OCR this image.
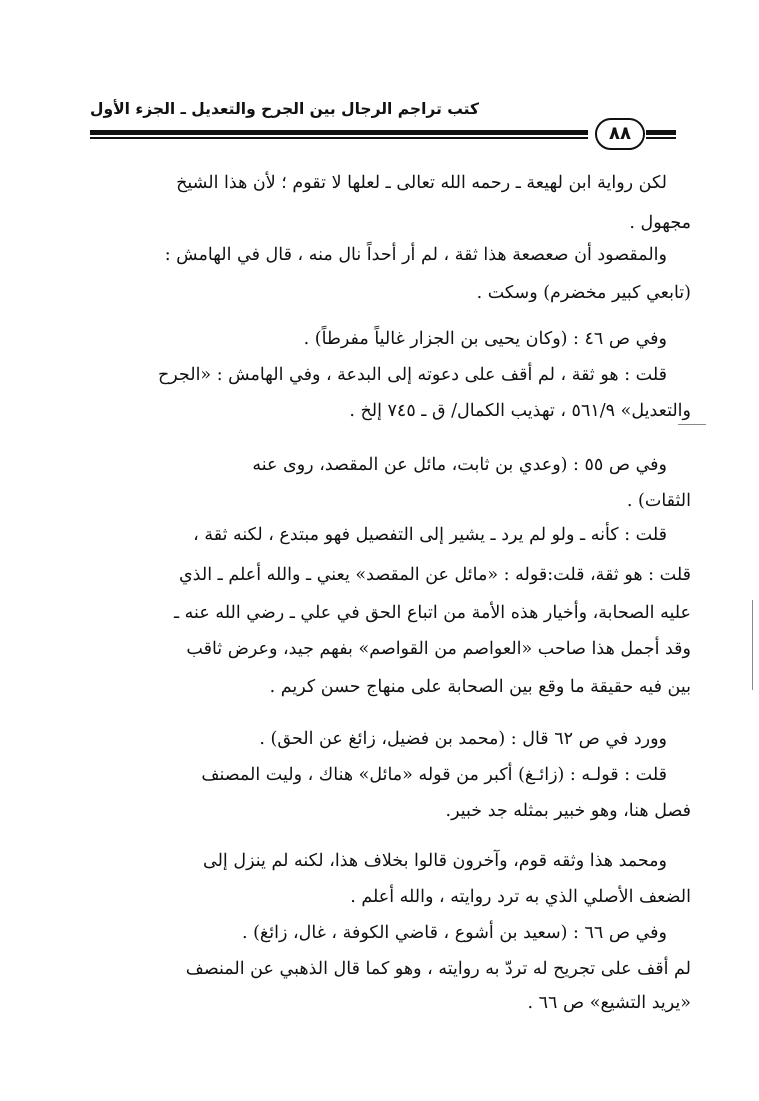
كتب تراجم الرجال بين الجرح والتعديل ـ الجزء الأول
٨٨
لكن رواية ابن لهيعة ـ رحمه الله تعالى ـ لعلها لا تقوم ؛ لأن هذا الشيخ
مجهول .
والمقصود أن صعصعة هذا ثقة ، لم أر أحداً نال منه ، قال في الهامش :
(تابعي كبير مخضرم) وسكت .
وفي ص ٤٦ : (وكان يحيى بن الجزار غالياً مفرطاً) .
قلت : هو ثقة ، لم أقف على دعوته إلى البدعة ، وفي الهامش : «الجرح
والتعديل» ٥٦١/٩ ، تهذيب الكمال/ ق ـ ٧٤٥ إلخ .
وفي ص ٥٥ : (وعدي بن ثابت، مائل عن المقصد، روى عنه
الثقات) .
قلت : كأنه ـ ولو لم يرد ـ يشير إلى التفصيل فهو مبتدع ، لكنه ثقة ،
قلت : هو ثقة، قلت:قوله : «مائل عن المقصد» يعني ـ والله أعلم ـ الذي
عليه الصحابة، وأخيار هذه الأمة من اتباع الحق في علي ـ رضي الله عنه ـ
وقد أجمل هذا صاحب «العواصم من القواصم» بفهم جيد، وعرض ثاقب
بين فيه حقيقة ما وقع بين الصحابة على منهاج حسن كريم .
وورد في ص ٦٢ قال : (محمد بن فضيل، زائغ عن الحق) .
قلت : قولـه : (زائـغ) أكبر من قوله «مائل» هناك ، وليت المصنف
فصل هنا، وهو خبير بمثله جد خبير.
ومحمد هذا وثقه قوم، وآخرون قالوا بخلاف هذا، لكنه لم ينزل إلى
الضعف الأصلي الذي به ترد روايته ، والله أعلم .
وفي ص ٦٦ : (سعيد بن أشوع ، قاضي الكوفة ، غال، زائغ) .
لم أقف على تجريح له تردّ به روايته ، وهو كما قال الذهبي عن المنصف
«يريد التشيع» ص ٦٦ .
